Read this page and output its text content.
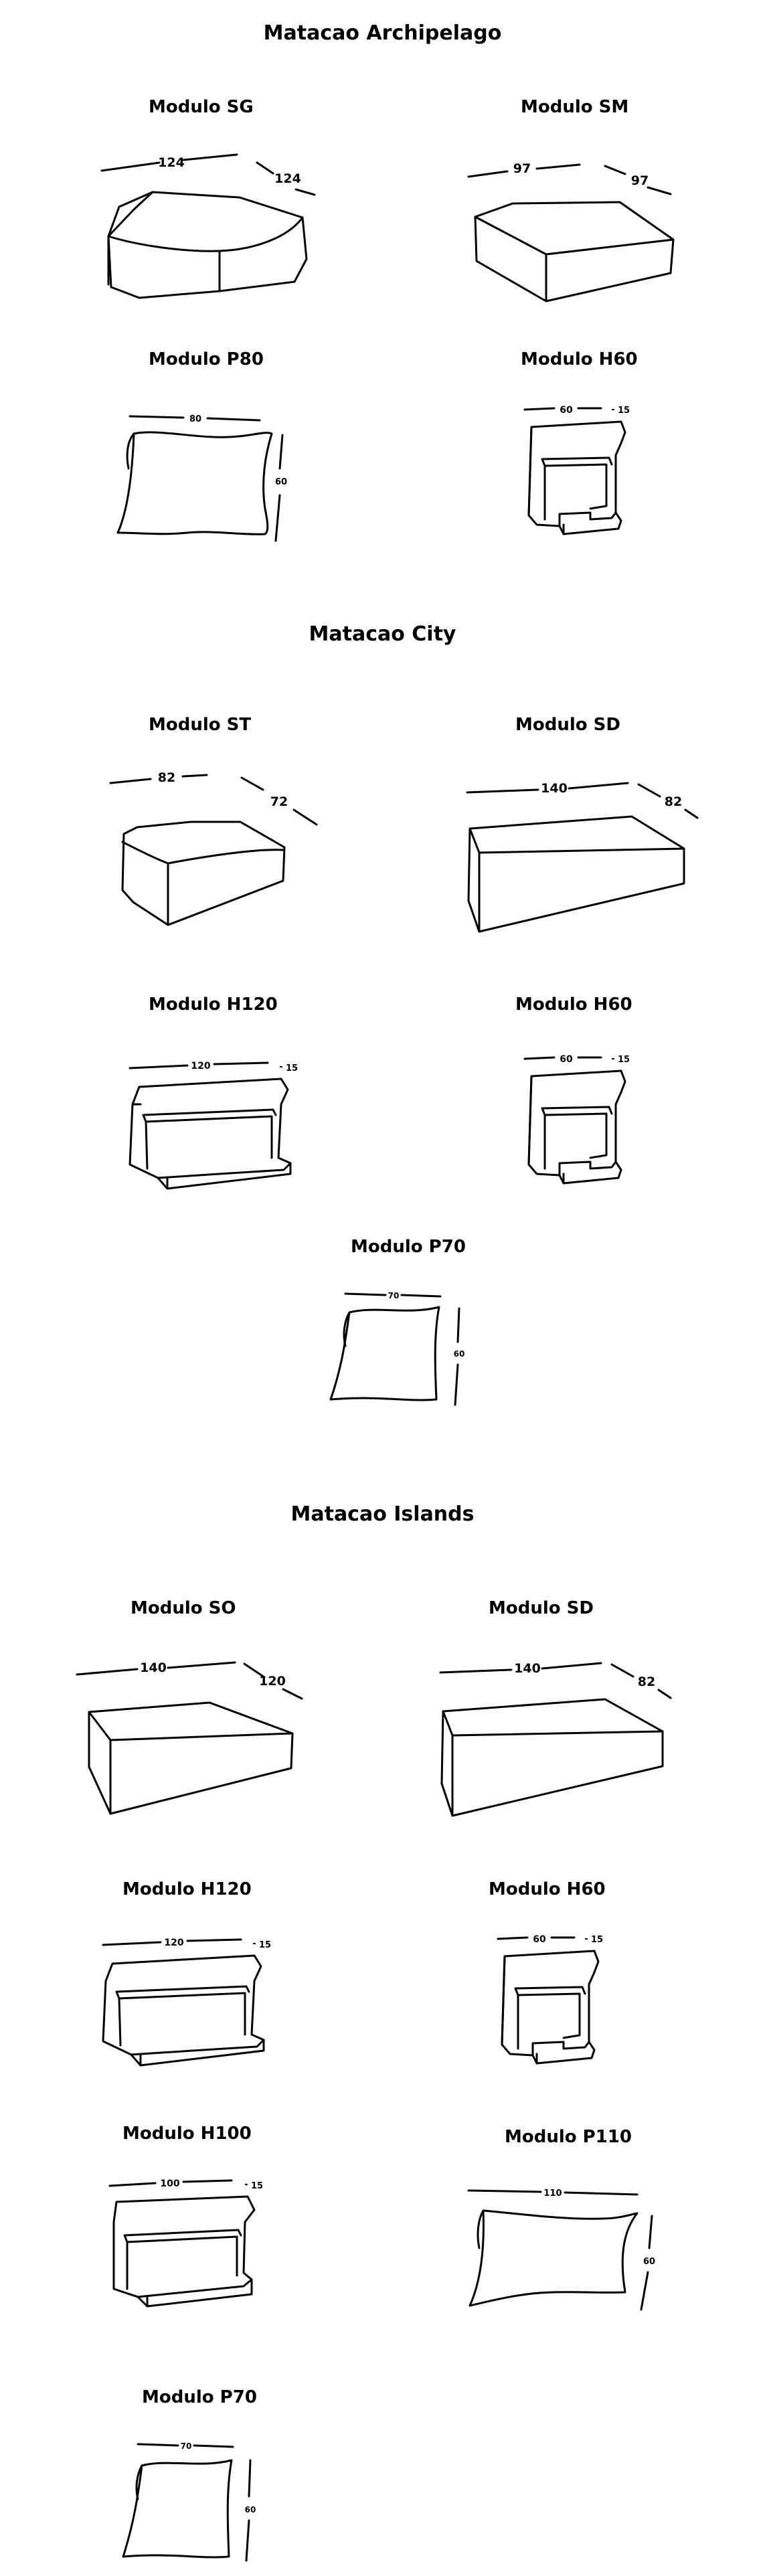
Matacao Archipelago
Modulo SG
124
124
Modulo SM
97
97
Modulo P80
80
60
Modulo H60
60	15
-
Matacao City
Modulo ST
82
72
Modulo SD
140
82
Modulo H120
120	15
-
Modulo H60
60	15
-
Modulo P70
70
60
Matacao Islands
Modulo SO
140
120
Modulo SD
140
82
Modulo H120
120	15
-
Modulo H60
60	15
-
Modulo H100
100	15
-
Modulo P110
110
60
Modulo P70
70
60
